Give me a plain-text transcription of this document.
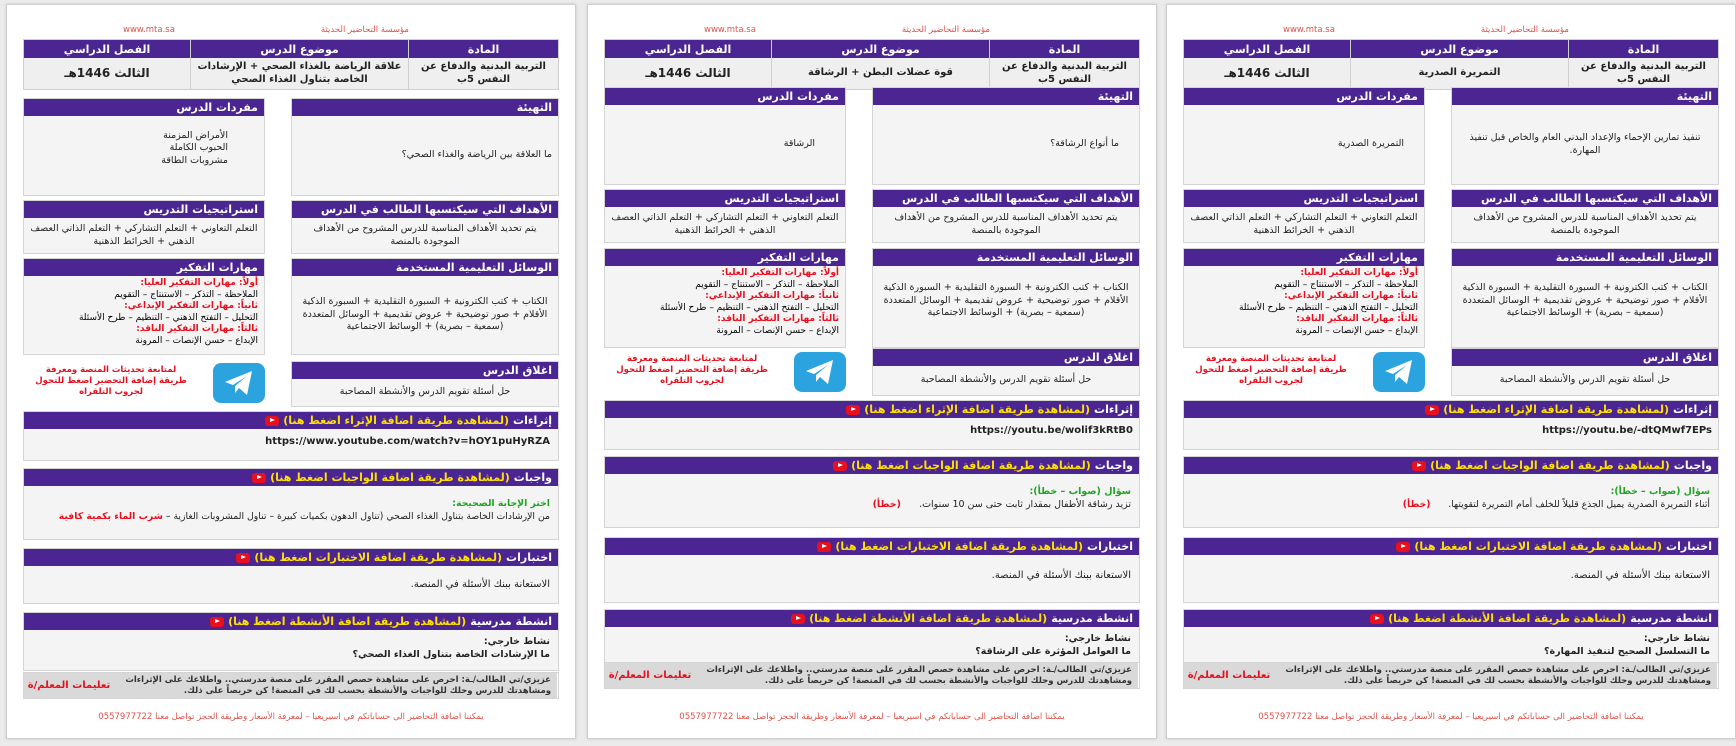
مؤسسة التحاضير الحديثة
www.mta.sa
المادة
التربية البدنية والدفاع عن النفس 5ب
موضوع الدرس
علاقة الرياضة بالغذاء الصحي + الإرشادات الخاصة بتناول الغذاء الصحي
الفصل الدراسي
الثالث 1446هـ
التهيئة
ما العلاقة بين الرياضة والغذاء الصحي؟
مفردات الدرس
الأمراض المزمنة
الحبوب الكاملة
مشروبات الطاقة
الأهداف التي سيكتسبها الطالب في الدرس
يتم تحديد الأهداف المناسبة للدرس المشروح من الأهداف الموجودة بالمنصة
استراتيجيات التدريس
التعلم التعاوني + التعلم التشاركي + التعلم الذاتي العصف الذهني + الخرائط الذهنية
الوسائل التعليمية المستخدمة
الكتاب + كتب الكترونية + السبورة التقليدية + السبورة الذكية الأقلام + صور توضيحية + عروض تقديمية + الوسائل المتعددة (سمعية – بصرية) + الوسائط الاجتماعية
مهارات التفكير
أولاً: مهارات التفكير العليا:
الملاحظة – التذكر – الاستنتاج – التقويم
ثانياً: مهارات التفكير الإبداعي:
التحليل – التفتح الذهني – التنظيم – طرح الأسئلة
ثالثاً: مهارات التفكير الناقد:
الإبداع – حسن الإنصات – المرونة
اغلاق الدرس
حل أسئلة تقويم الدرس والأنشطة المصاحبة
لمتابعة تحديثات المنصة ومعرفة طريقة إضافة التحضير اضغط للتحول لجروب التلقراه
إثراءات
(لمشاهدة طريقة اضافة الإثراء اضغط هنا)
https://www.youtube.com/watch?v=hOY1puHyRZA
واجبات
(لمشاهدة طريقة اضافة الواجبات اضغط هنا)
اختر الإجابة الصحيحة:
من الإرشادات الخاصة بتناول الغذاء الصحي (تناول الدهون بكميات كبيرة – تناول المشروبات الغازية – شرب الماء بكمية كافية
اختبارات
(لمشاهدة طريقة اضافة الاختبارات اضغط هنا)
الاستعانة ببنك الأسئلة في المنصة.
انشطة مدرسية
(لمشاهدة طريقة اضافة الأنشطة اضغط هنا)
نشاط خارجي:
ما الإرشادات الخاصة بتناول الغذاء الصحي؟
عزيزي/تي الطالب/ـة: احرص على مشاهدة حصص المقرر على منصة مدرستي.. واطلاعك على الإثراءات ومشاهدتك للدرس وحلك للواجبات والأنشطة بحسب لك في المنصة! كن حريصاً على ذلك.
تعليمات المعلم/ة
يمكننا اضافة التحاضير الى حساباتكم في اسيريعيا – لمعرفة الأسعار وطريقة الحجز تواصل معنا 0557977722
مؤسسة التحاضير الحديثة
www.mta.sa
المادة
التربية البدنية والدفاع عن النفس 5ب
موضوع الدرس
قوة عضلات البطن + الرشاقة
الفصل الدراسي
الثالث 1446هـ
التهيئة
ما أنواع الرشاقة؟
مفردات الدرس
الرشاقة
الأهداف التي سيكتسبها الطالب في الدرس
يتم تحديد الأهداف المناسبة للدرس المشروح من الأهداف الموجودة بالمنصة
استراتيجيات التدريس
التعلم التعاوني + التعلم التشاركي + التعلم الذاتي العصف الذهني + الخرائط الذهنية
الوسائل التعليمية المستخدمة
الكتاب + كتب الكترونية + السبورة التقليدية + السبورة الذكية الأقلام + صور توضيحية + عروض تقديمية + الوسائل المتعددة (سمعية – بصرية) + الوسائط الاجتماعية
مهارات التفكير
أولاً: مهارات التفكير العليا:
الملاحظة – التذكر – الاستنتاج – التقويم
ثانياً: مهارات التفكير الإبداعي:
التحليل – التفتح الذهني – التنظيم – طرح الأسئلة
ثالثاً: مهارات التفكير الناقد:
الإبداع – حسن الإنصات – المرونة
اغلاق الدرس
حل أسئلة تقويم الدرس والأنشطة المصاحبة
لمتابعة تحديثات المنصة ومعرفة طريقة إضافة التحضير اضغط للتحول لجروب التلقراه
إثراءات
(لمشاهدة طريقة اضافة الإثراء اضغط هنا)
https://youtu.be/wolif3kRtB0
واجبات
(لمشاهدة طريقة اضافة الواجبات اضغط هنا)
سؤال (صواب – خطأ):
تزيد رشاقة الأطفال بمقدار ثابت حتى سن 10 سنوات.      (خطأ)
اختبارات
(لمشاهدة طريقة اضافة الاختبارات اضغط هنا)
الاستعانة ببنك الأسئلة في المنصة.
انشطة مدرسية
(لمشاهدة طريقة اضافة الأنشطة اضغط هنا)
نشاط خارجي:
ما العوامل المؤثرة على الرشاقة؟
عزيزي/تي الطالب/ـة: احرص على مشاهدة حصص المقرر على منصة مدرستي.. واطلاعك على الإثراءات ومشاهدتك للدرس وحلك للواجبات والأنشطة بحسب لك في المنصة! كن حريصاً على ذلك.
تعليمات المعلم/ة
يمكننا اضافة التحاضير الى حساباتكم في اسيريعيا – لمعرفة الأسعار وطريقة الحجز تواصل معنا 0557977722
مؤسسة التحاضير الحديثة
www.mta.sa
المادة
التربية البدنية والدفاع عن النفس 5ب
موضوع الدرس
التمريرة الصدرية
الفصل الدراسي
الثالث 1446هـ
التهيئة
تنفيذ تمارين الإحماء والإعداد البدني العام والخاص قبل تنفيذ المهارة.
مفردات الدرس
التمريرة الصدرية
الأهداف التي سيكتسبها الطالب في الدرس
يتم تحديد الأهداف المناسبة للدرس المشروح من الأهداف الموجودة بالمنصة
استراتيجيات التدريس
التعلم التعاوني + التعلم التشاركي + التعلم الذاتي العصف الذهني + الخرائط الذهنية
الوسائل التعليمية المستخدمة
الكتاب + كتب الكترونية + السبورة التقليدية + السبورة الذكية الأقلام + صور توضيحية + عروض تقديمية + الوسائل المتعددة (سمعية – بصرية) + الوسائط الاجتماعية
مهارات التفكير
أولاً: مهارات التفكير العليا:
الملاحظة – التذكر – الاستنتاج – التقويم
ثانياً: مهارات التفكير الإبداعي:
التحليل – التفتح الذهني – التنظيم – طرح الأسئلة
ثالثاً: مهارات التفكير الناقد:
الإبداع – حسن الإنصات – المرونة
اغلاق الدرس
حل أسئلة تقويم الدرس والأنشطة المصاحبة
لمتابعة تحديثات المنصة ومعرفة طريقة إضافة التحضير اضغط للتحول لجروب التلقراه
إثراءات
(لمشاهدة طريقة اضافة الإثراء اضغط هنا)
https://youtu.be/-dtQMwf7EPs
واجبات
(لمشاهدة طريقة اضافة الواجبات اضغط هنا)
سؤال (صواب – خطأ):
أثناء التمريرة الصدرية يميل الجذع قليلاً للخلف أمام التمريرة لتقويتها.      (خطأ)
اختبارات
(لمشاهدة طريقة اضافة الاختبارات اضغط هنا)
الاستعانة ببنك الأسئلة في المنصة.
انشطة مدرسية
(لمشاهدة طريقة اضافة الأنشطة اضغط هنا)
نشاط خارجي:
ما التسلسل الصحيح لتنفيذ المهارة؟
عزيزي/تي الطالب/ـة: احرص على مشاهدة حصص المقرر على منصة مدرستي.. واطلاعك على الإثراءات ومشاهدتك للدرس وحلك للواجبات والأنشطة بحسب لك في المنصة! كن حريصاً على ذلك.
تعليمات المعلم/ة
يمكننا اضافة التحاضير الى حساباتكم في اسيريعيا – لمعرفة الأسعار وطريقة الحجز تواصل معنا 0557977722
